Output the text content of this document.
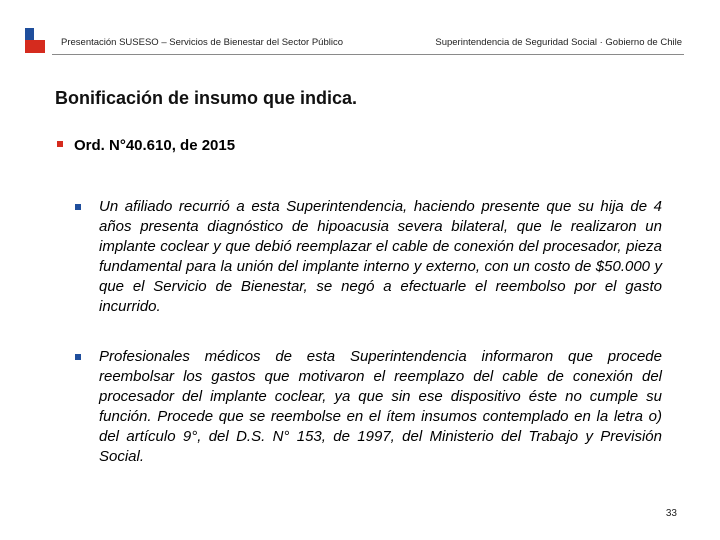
Presentación SUSESO – Servicios de Bienestar del Sector Público	Superintendencia de Seguridad Social · Gobierno de Chile
Bonificación de insumo que indica.
Ord. N°40.610, de 2015
Un afiliado recurrió a esta Superintendencia, haciendo presente que su hija de 4 años presenta diagnóstico de hipoacusia severa bilateral, que le realizaron un implante coclear y que debió reemplazar el cable de conexión del procesador, pieza fundamental para la unión del implante interno y externo, con un costo de $50.000 y que el Servicio de Bienestar, se negó a efectuarle el reembolso por el gasto incurrido.
Profesionales médicos de esta Superintendencia informaron que procede reembolsar los gastos que motivaron el reemplazo del cable de conexión del procesador del implante coclear, ya que sin ese dispositivo éste no cumple su función. Procede que se reembolse en el ítem insumos contemplado en la letra o) del artículo 9°, del D.S. N° 153, de 1997, del Ministerio del Trabajo y Previsión Social.
33
